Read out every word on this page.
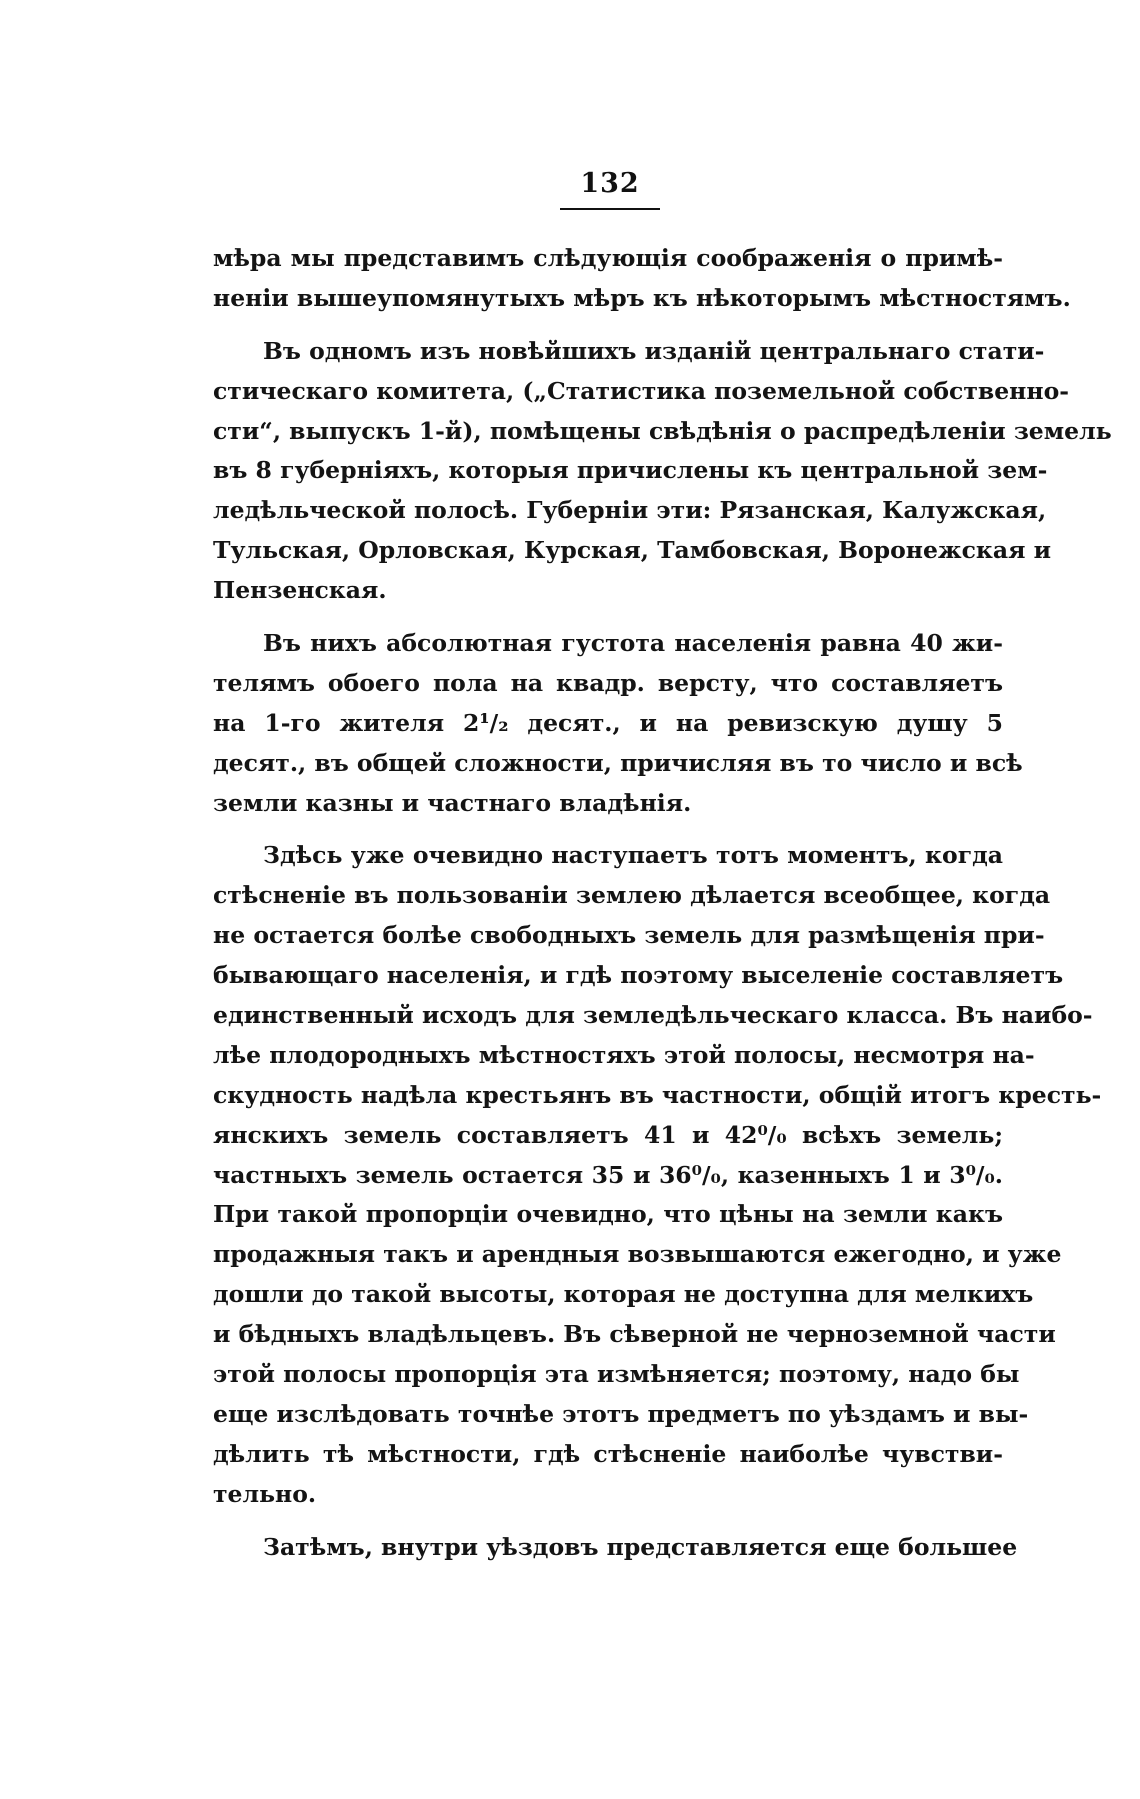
132
мѣра мы представимъ слѣдующія соображенія о примѣ-
неніи вышеупомянутыхъ мѣръ къ нѣкоторымъ мѣстностямъ.
Въ одномъ изъ новѣйшихъ изданій центральнаго стати-
стическаго комитета, („Статистика поземельной собственно-
сти“, выпускъ 1-й), помѣщены свѣдѣнія о распредѣленіи земель
въ 8 губерніяхъ, которыя причислены къ центральной зем-
ледѣльческой полосѣ. Губерніи эти: Рязанская, Калужская,
Тульская, Орловская, Курская, Тамбовская, Воронежская и
Пензенская.
Въ нихъ абсолютная густота населенія равна 40 жи-
телямъ обоего пола на квадр. версту, что составляетъ
на 1-го жителя 2¹/₂ десят., и на ревизскую душу 5
десят., въ общей сложности, причисляя въ то число и всѣ
земли казны и частнаго владѣнія.
Здѣсь уже очевидно наступаетъ тотъ моментъ, когда
стѣсненіе въ пользованіи землею дѣлается всеобщее, когда
не остается болѣе свободныхъ земель для размѣщенія при-
бывающаго населенія, и гдѣ поэтому выселеніе составляетъ
единственный исходъ для земледѣльческаго класса. Въ наибо-
лѣе плодородныхъ мѣстностяхъ этой полосы, несмотря на-
скудность надѣла крестьянъ въ частности, общій итогъ кресть-
янскихъ земель составляетъ 41 и 42⁰/₀ всѣхъ земель;
частныхъ земель остается 35 и 36⁰/₀, казенныхъ 1 и 3⁰/₀.
При такой пропорціи очевидно, что цѣны на земли какъ
продажныя такъ и арендныя возвышаются ежегодно, и уже
дошли до такой высоты, которая не доступна для мелкихъ
и бѣдныхъ владѣльцевъ. Въ сѣверной не черноземной части
этой полосы пропорція эта измѣняется; поэтому, надо бы
еще изслѣдовать точнѣе этотъ предметъ по уѣздамъ и вы-
дѣлить тѣ мѣстности, гдѣ стѣсненіе наиболѣе чувстви-
тельно.
Затѣмъ, внутри уѣздовъ представляется еще большее
